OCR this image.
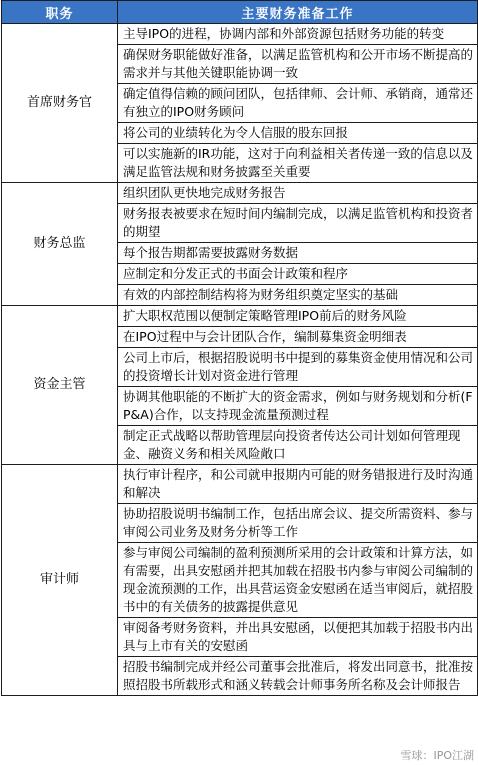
职务	主要财务准备工作
首席财务官	主导IPO的进程，协调内部和外部资源包括财务功能的转变
	确保财务职能做好准备，以满足监管机构和公开市场不断提高的需求并与其他关键职能协调一致
	确定值得信赖的顾问团队，包括律师、会计师、承销商，通常还有独立的IPO财务顾问
	将公司的业绩转化为令人信服的股东回报
	可以实施新的IR功能，这对于向利益相关者传递一致的信息以及满足监管法规和财务披露至关重要
财务总监	组织团队更快地完成财务报告
	财务报表被要求在短时间内编制完成，以满足监管机构和投资者的期望
	每个报告期都需要披露财务数据
	应制定和分发正式的书面会计政策和程序
	有效的内部控制结构将为财务组织奠定坚实的基础
资金主管	扩大职权范围以便制定策略管理IPO前后的财务风险
	在IPO过程中与会计团队合作，编制募集资金明细表
	公司上市后，根据招股说明书中提到的募集资金使用情况和公司的投资增长计划对资金进行管理
	协调其他职能的不断扩大的资金需求，例如与财务规划和分析(FP&A)合作，以支持现金流量预测过程
	制定正式战略以帮助管理层向投资者传达公司计划如何管理现金、融资义务和相关风险敞口
审计师	执行审计程序，和公司就申报期内可能的财务错报进行及时沟通和解决
	协助招股说明书编制工作，包括出席会议、提交所需资料、参与审阅公司业务及财务分析等工作
	参与审阅公司编制的盈利预测所采用的会计政策和计算方法，如有需要，出具安慰函并把其加载在招股书内参与审阅公司编制的现金流预测的工作，出具营运资金安慰函在适当审阅后，就招股书中的有关债务的披露提供意见
	审阅备考财务资料，并出具安慰函，以便把其加载于招股书内出具与上市有关的安慰函
	招股书编制完成并经公司董事会批准后，将发出同意书，批准按照招股书所载形式和涵义转载会计师事务所名称及会计师报告
雪球：IPO江湖
